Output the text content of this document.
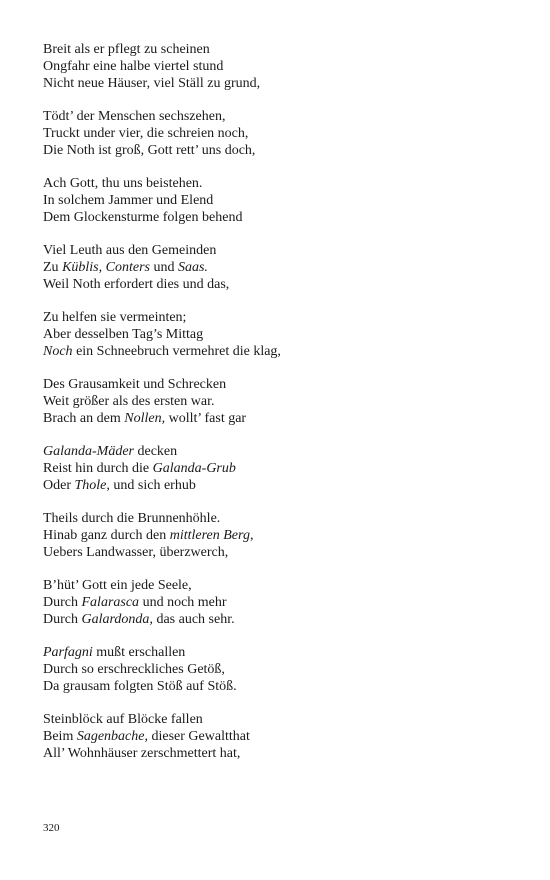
Breit als er pflegt zu scheinen
Ongfahr eine halbe viertel stund
Nicht neue Häuser, viel Ställ zu grund,
Tödt’ der Menschen sechszehen,
Truckt under vier, die schreien noch,
Die Noth ist groß, Gott rett’ uns doch,
Ach Gott, thu uns beistehen.
In solchem Jammer und Elend
Dem Glockensturme folgen behend
Viel Leuth aus den Gemeinden
Zu Küblis, Conters und Saas.
Weil Noth erfordert dies und das,
Zu helfen sie vermeinten;
Aber desselben Tag’s Mittag
Noch ein Schneebruch vermehret die klag,
Des Grausamkeit und Schrecken
Weit größer als des ersten war.
Brach an dem Nollen, wollt’ fast gar
Galanda-Mäder decken
Reist hin durch die Galanda-Grub
Oder Thole, und sich erhub
Theils durch die Brunnenhöhle.
Hinab ganz durch den mittleren Berg,
Uebers Landwasser, überzwerch,
B’hüt’ Gott ein jede Seele,
Durch Falarasca und noch mehr
Durch Galardonda, das auch sehr.
Parfagni mußt erschallen
Durch so erschreckliches Getöß,
Da grausam folgten Stöß auf Stöß.
Steinblöck auf Blöcke fallen
Beim Sagenbache, dieser Gewaltthat
All’ Wohnhäuser zerschmettert hat,
320
